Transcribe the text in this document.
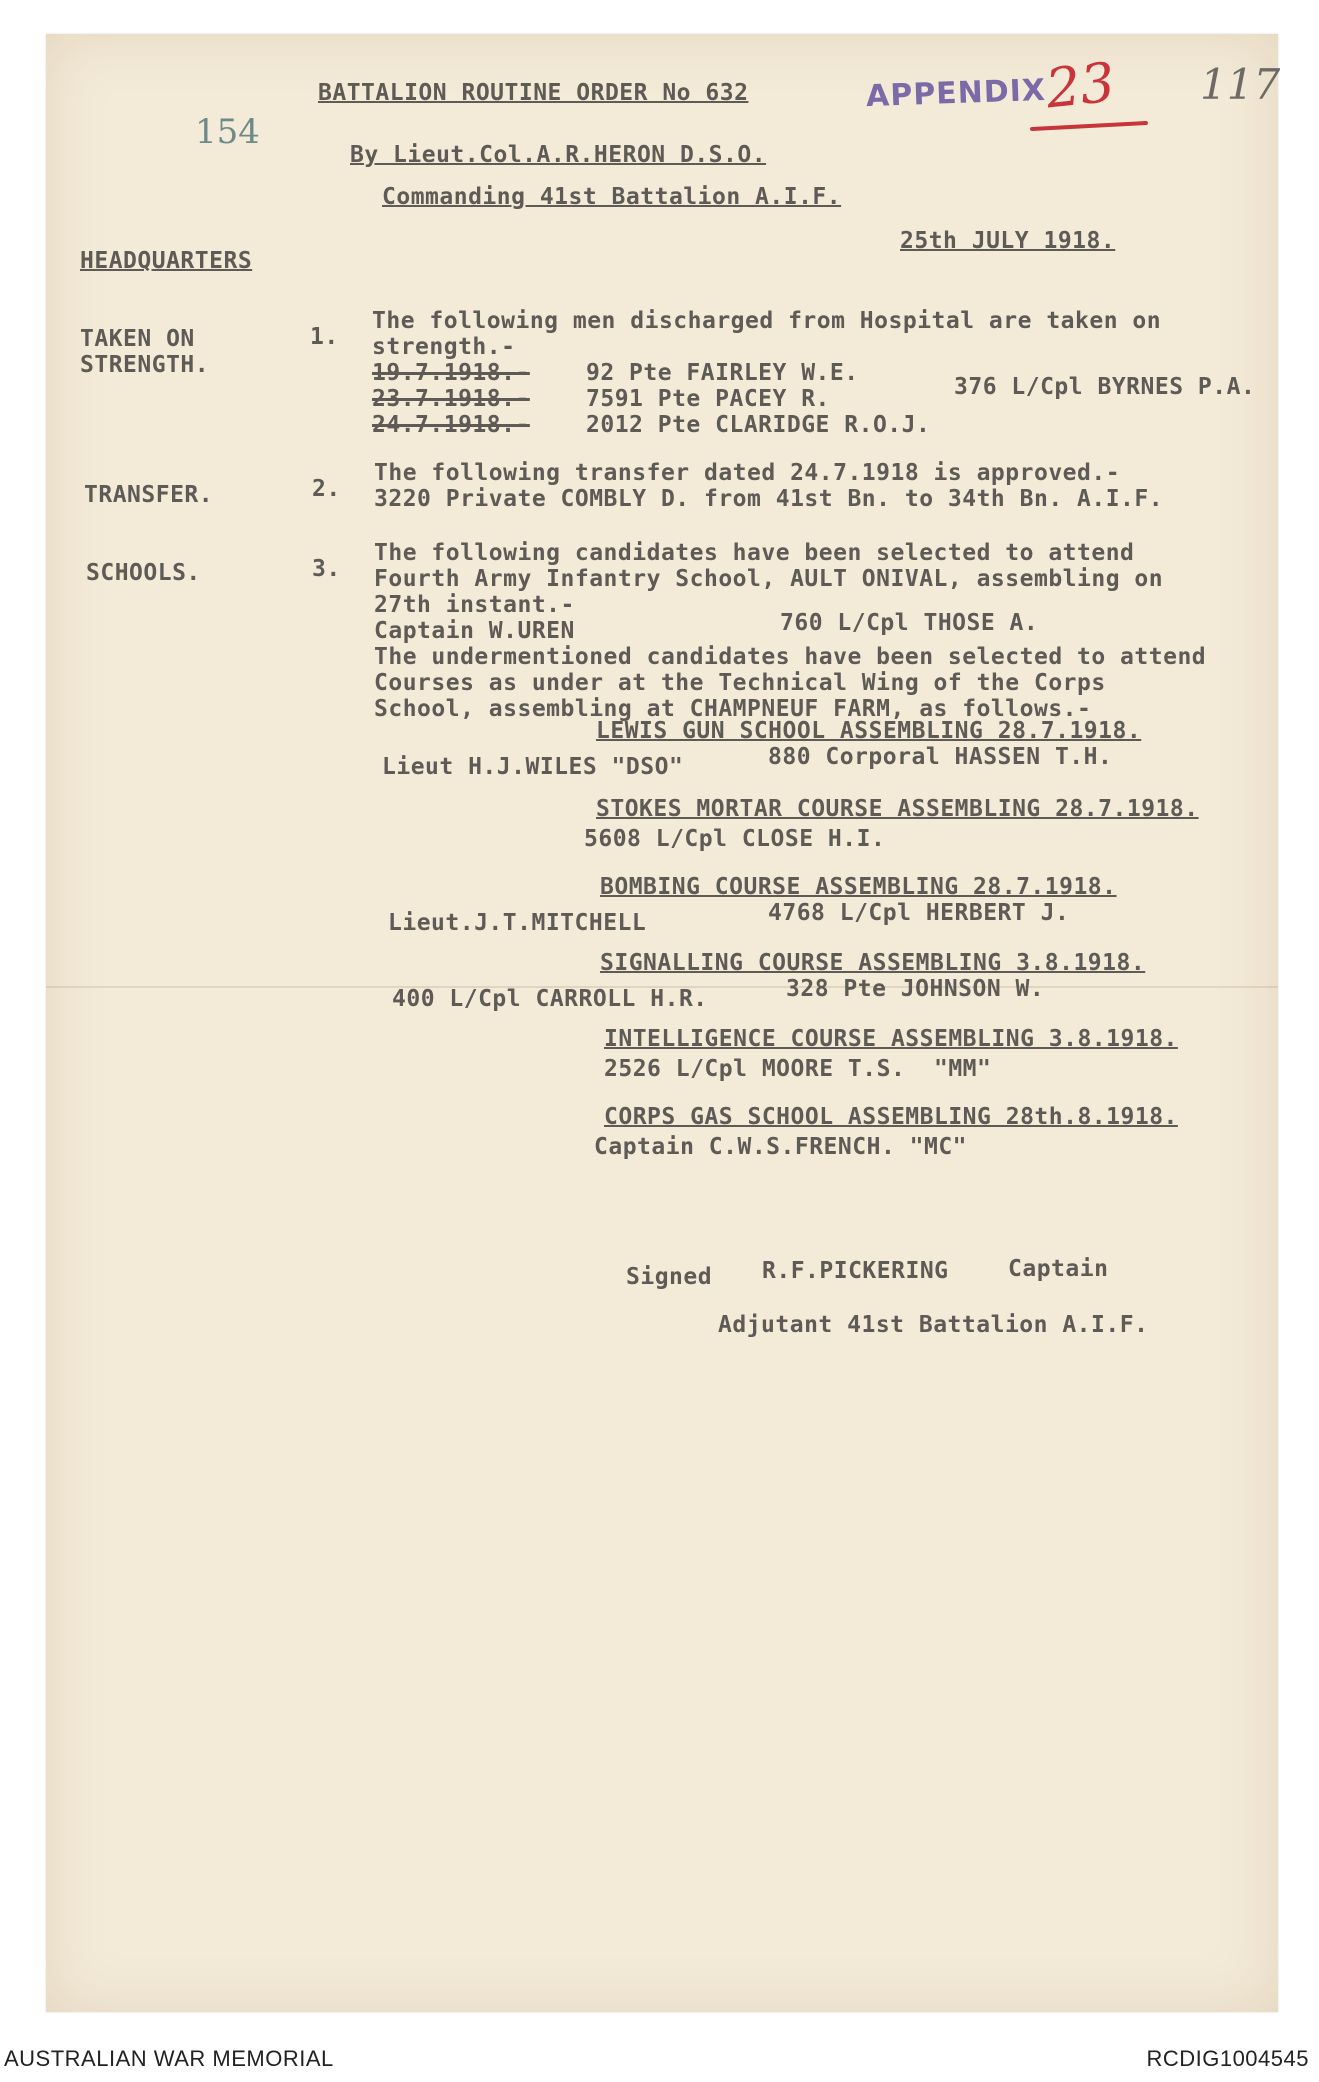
154
BATTALION ROUTINE ORDER No 632	APPENDIX
23 117
By Lieut.Col.A.R.HERON D.S.O.
Commanding 41st Battalion A.I.F.
HEADQUARTERS
25th JULY 1918.
TAKEN ON
STRENGTH.
1.
The following men discharged from Hospital are taken on
strength.-
19.7.1918.- 92 Pte FAIRLEY W.E.
376 L/Cpl BYRNES P.A.
23.7.1918.- 7591 Pte PACEY R.
24.7.1918.- 2012 Pte CLARIDGE R.O.J.
TRANSFER.	2.
The following transfer dated 24.7.1918 is approved.-
3220 Private COMBLY D. from 41st Bn. to 34th Bn. A.I.F.
SCHOOLS.	3.
The following candidates have been selected to attend
Fourth Army Infantry School, AULT ONIVAL, assembling on
27th instant.-
Captain W.UREN	760 L/Cpl THOSE A.
The undermentioned candidates have been selected to attend
Courses as under at the Technical Wing of the Corps
School, assembling at CHAMPNEUF FARM, as follows.-
LEWIS GUN SCHOOL ASSEMBLING 28.7.1918.
Lieut H.J.WILES "DSO"	880 Corporal HASSEN T.H.
STOKES MORTAR COURSE ASSEMBLING 28.7.1918.
5608 L/Cpl CLOSE H.I.
BOMBING COURSE ASSEMBLING 28.7.1918.
Lieut.J.T.MITCHELL	4768 L/Cpl HERBERT J.
SIGNALLING COURSE ASSEMBLING 3.8.1918.
400 L/Cpl CARROLL H.R.	328 Pte JOHNSON W.
INTELLIGENCE COURSE ASSEMBLING 3.8.1918.
2526 L/Cpl MOORE T.S.  "MM"
CORPS GAS SCHOOL ASSEMBLING 28th.8.1918.
Captain C.W.S.FRENCH. "MC"
Signed R.F.PICKERING	Captain
Adjutant 41st Battalion A.I.F.
AUSTRALIAN WAR MEMORIAL	RCDIG1004545
